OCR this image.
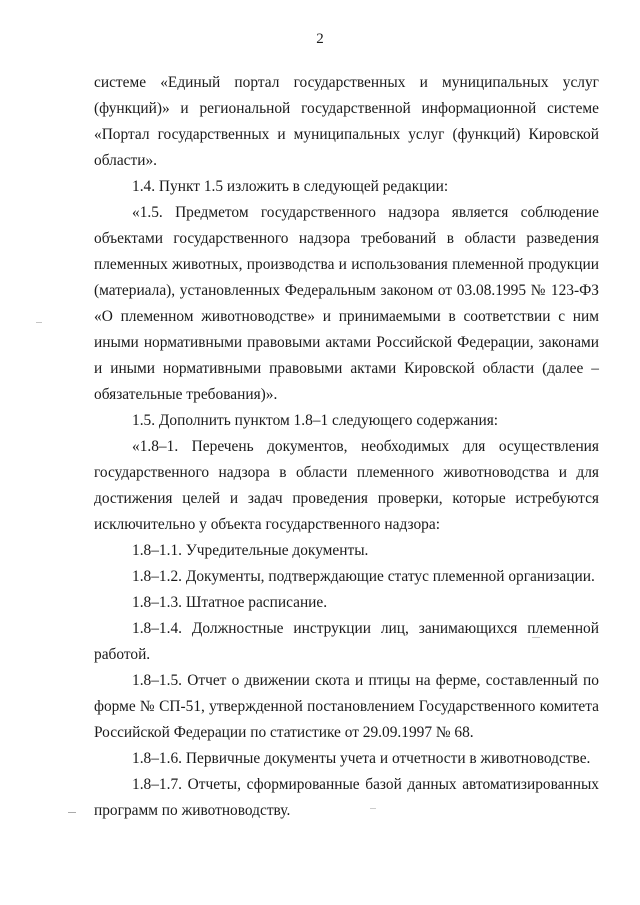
2

системе «Единый портал государственных и муниципальных услуг (функций)» и региональной государственной информационной системе «Портал государственных и муниципальных услуг (функций) Кировской области».

1.4. Пункт 1.5 изложить в следующей редакции:

«1.5. Предметом государственного надзора является соблюдение объектами государственного надзора требований в области разведения племенных животных, производства и использования племенной продукции (материала), установленных Федеральным законом от 03.08.1995 № 123-ФЗ «О племенном животноводстве» и принимаемыми в соответствии с ним иными нормативными правовыми актами Российской Федерации, законами и иными нормативными правовыми актами Кировской области (далее – обязательные требования)».

1.5. Дополнить пунктом 1.8–1 следующего содержания:

«1.8–1. Перечень документов, необходимых для осуществления государственного надзора в области племенного животноводства и для достижения целей и задач проведения проверки, которые истребуются исключительно у объекта государственного надзора:

1.8–1.1. Учредительные документы.

1.8–1.2. Документы, подтверждающие статус племенной организации.

1.8–1.3. Штатное расписание.

1.8–1.4. Должностные инструкции лиц, занимающихся племенной работой.

1.8–1.5. Отчет о движении скота и птицы на ферме, составленный по форме № СП-51, утвержденной постановлением Государственного комитета Российской Федерации по статистике от 29.09.1997 № 68.

1.8–1.6. Первичные документы учета и отчетности в животноводстве.

1.8–1.7. Отчеты, сформированные базой данных автоматизированных программ по животноводству.
